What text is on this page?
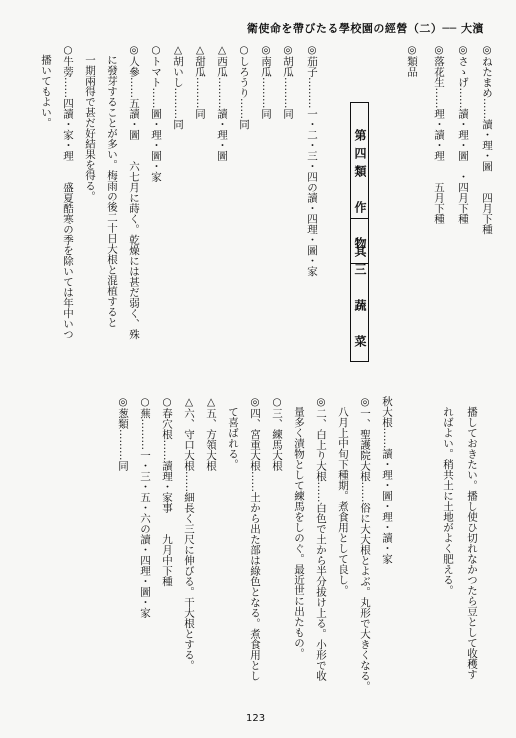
衛使命を帶びたる學校園の經營（二）── 大濱
◎ねたまめ……讀・理・圖　　四月下種
◎さゝげ……讀・理・圖　・四月下種
◎落花生……理・讀・理　　五月下種
◎類品
　第四類　作　物
　其三　蔬　菜
◎茄子………一・二・三・四の讀・四理・圖・家
◎胡瓜………同
◎南瓜………同
○しろうり……同
△西瓜………讀・理・圖
△甜瓜………同
△胡いし………同
○トマト……圖・理・圖・家
◎人參……五讀・圖　　六七月に蒔く。乾燥には甚だ弱く、殊
　に發芽することが多い。梅雨の後二十日大根と混植すると
　一期兩得で甚だ好結果を得る。
○牛蒡……四讀・家・理　　盛夏酷寒の季を除いては年中いつ
　播いてもよい。
　播しておきたい。播し使ひ切れなかつたら豆として收穫す
　ればよい。稍共土に土地がよく肥える。
秋大根……讀・理・圖・理・讀・家
◎一、聖護院大根……俗に大大根とよぶ。丸形で大きくなる。
　八月上中旬下種期。煮食用として良し。
◎二、白上り大根……白色で土から半分拔け上る。小形で收
　量多く漬物として練馬をしのぐ。最近世に出たもの。
○三、練馬大根
◎四、宮重大根……土から出た部は綠色となる。煮食用とし
　て喜ばれる。
△五、方領大根
△六、守口大根……細長く三尺に伸びる。干大根とする。
○春穴根……讀理・家事　　九月中下種
○蕪………一・三・五・六の讀・四理・圖・家
◎葱類………同
123
